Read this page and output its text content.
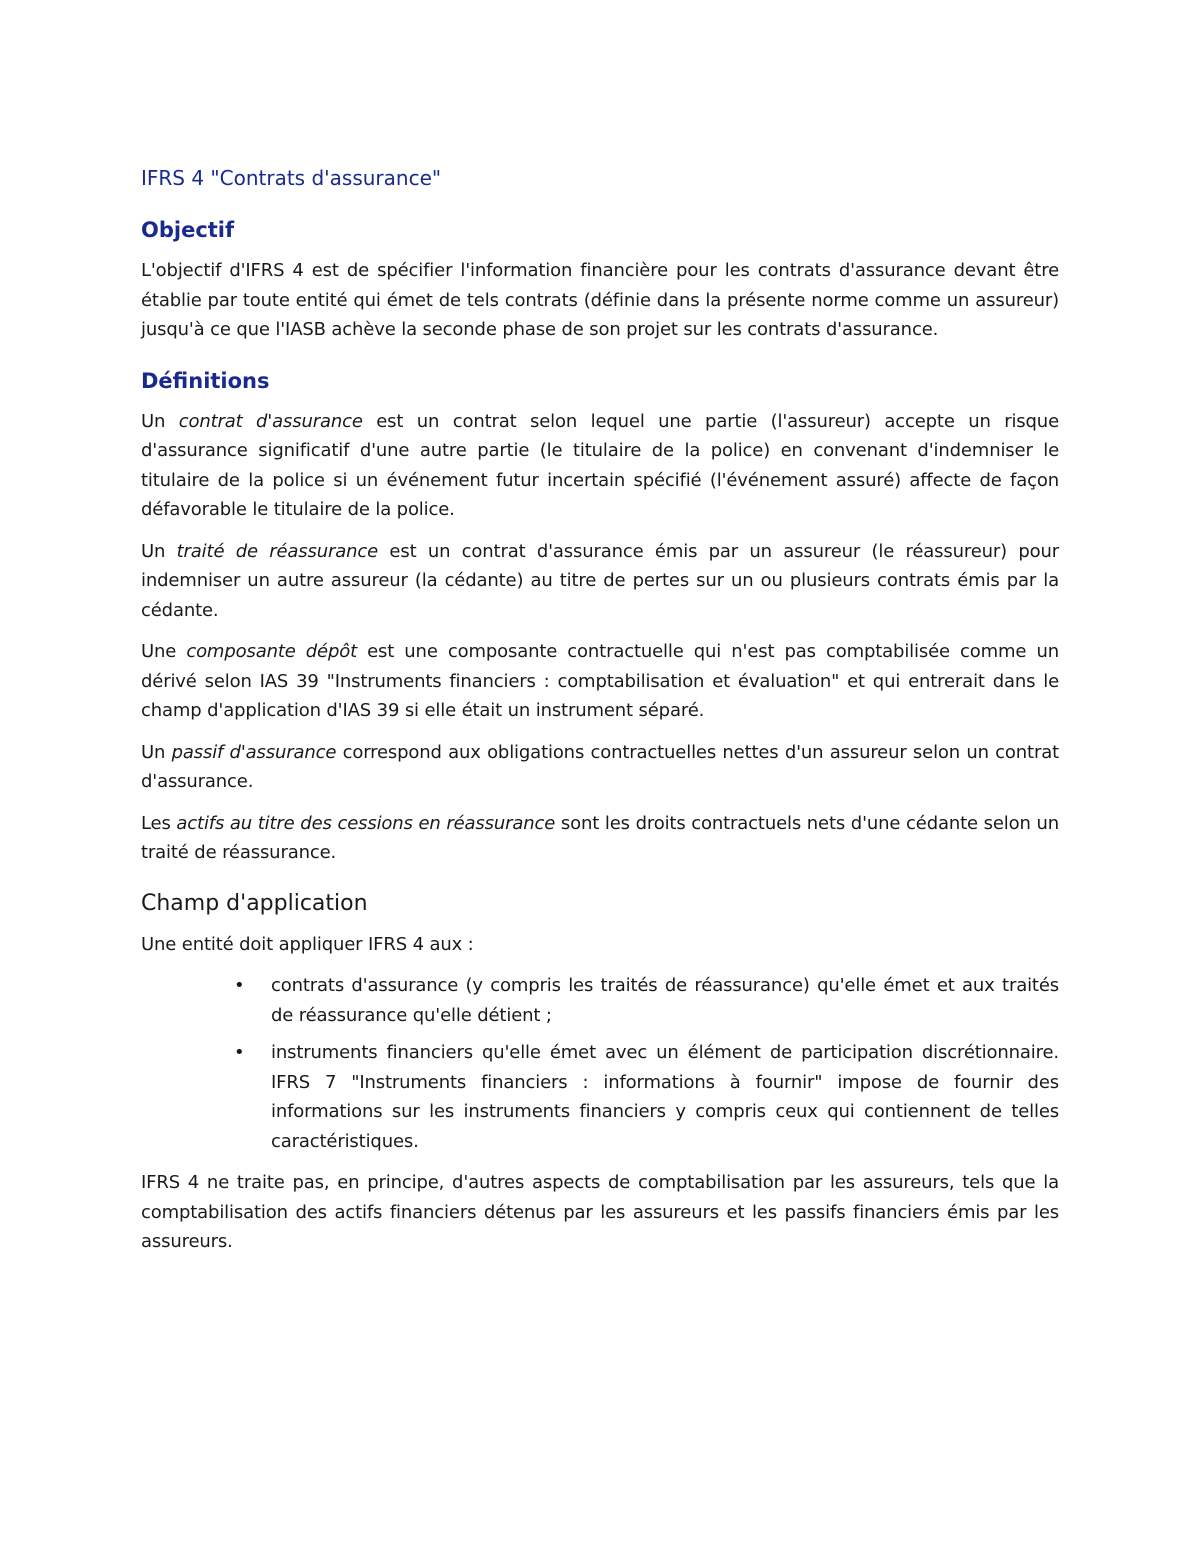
IFRS 4 "Contrats d'assurance"
Objectif

L'objectif d'IFRS 4 est de spécifier l'information financière pour les contrats d'assurance devant être établie par toute entité qui émet de tels contrats (définie dans la présente norme comme un assureur) jusqu'à ce que l'IASB achève la seconde phase de son projet sur les contrats d'assurance.

Définitions

Un contrat d'assurance est un contrat selon lequel une partie (l'assureur) accepte un risque d'assurance significatif d'une autre partie (le titulaire de la police) en convenant d'indemniser le titulaire de la police si un événement futur incertain spécifié (l'événement assuré) affecte de façon défavorable le titulaire de la police.

Un traité de réassurance est un contrat d'assurance émis par un assureur (le réassureur) pour indemniser un autre assureur (la cédante) au titre de pertes sur un ou plusieurs contrats émis par la cédante.

Une composante dépôt est une composante contractuelle qui n'est pas comptabilisée comme un dérivé selon IAS 39 "Instruments financiers : comptabilisation et évaluation" et qui entrerait dans le champ d'application d'IAS 39 si elle était un instrument séparé.

Un passif d'assurance correspond aux obligations contractuelles nettes d'un assureur selon un contrat d'assurance.

Les actifs au titre des cessions en réassurance sont les droits contractuels nets d'une cédante selon un traité de réassurance.

Champ d'application

Une entité doit appliquer IFRS 4 aux :

• contrats d'assurance (y compris les traités de réassurance) qu'elle émet et aux traités de réassurance qu'elle détient ;
• instruments financiers qu'elle émet avec un élément de participation discrétionnaire. IFRS 7 "Instruments financiers : informations à fournir" impose de fournir des informations sur les instruments financiers y compris ceux qui contiennent de telles caractéristiques.

IFRS 4 ne traite pas, en principe, d'autres aspects de comptabilisation par les assureurs, tels que la comptabilisation des actifs financiers détenus par les assureurs et les passifs financiers émis par les assureurs.
